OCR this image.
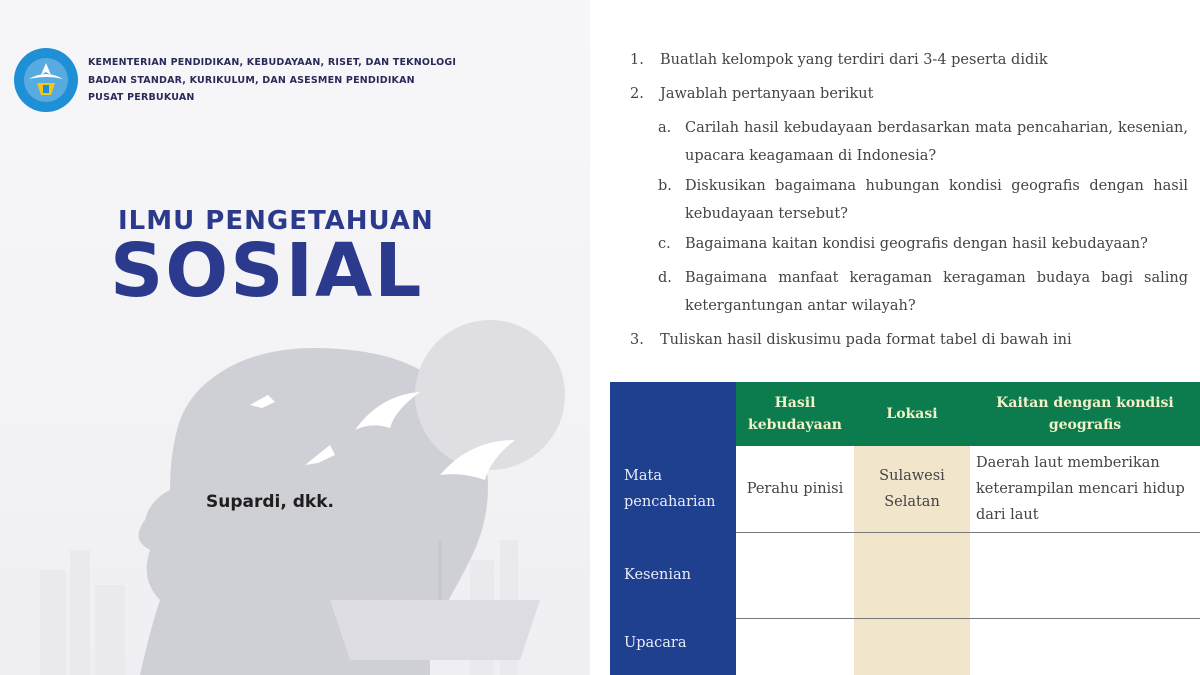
KEMENTERIAN PENDIDIKAN, KEBUDAYAAN, RISET, DAN TEKNOLOGI
BADAN STANDAR, KURIKULUM, DAN ASESMEN PENDIDIKAN
PUSAT PERBUKUAN
ILMU PENGETAHUAN
SOSIAL
Supardi, dkk.
1.	Buatlah kelompok yang terdiri dari 3-4 peserta didik
2.	Jawablah pertanyaan berikut
a. Carilah hasil kebudayaan berdasarkan mata pencaharian, kesenian, upacara keagamaan di Indonesia?
b. Diskusikan bagaimana hubungan kondisi geografis dengan hasil kebudayaan tersebut?
c. Bagaimana kaitan kondisi geografis dengan hasil kebudayaan?
d. Bagaimana manfaat keragaman keragaman budaya bagi saling ketergantungan antar wilayah?
3.	Tuliskan hasil diskusimu pada format tabel di bawah ini
	Hasil kebudayaan	Lokasi	Kaitan dengan kondisi geografis
Mata pencaharian	Perahu pinisi	Sulawesi Selatan	Daerah laut memberikan keterampilan mencari hidup dari laut
Kesenian			
Upacara			
